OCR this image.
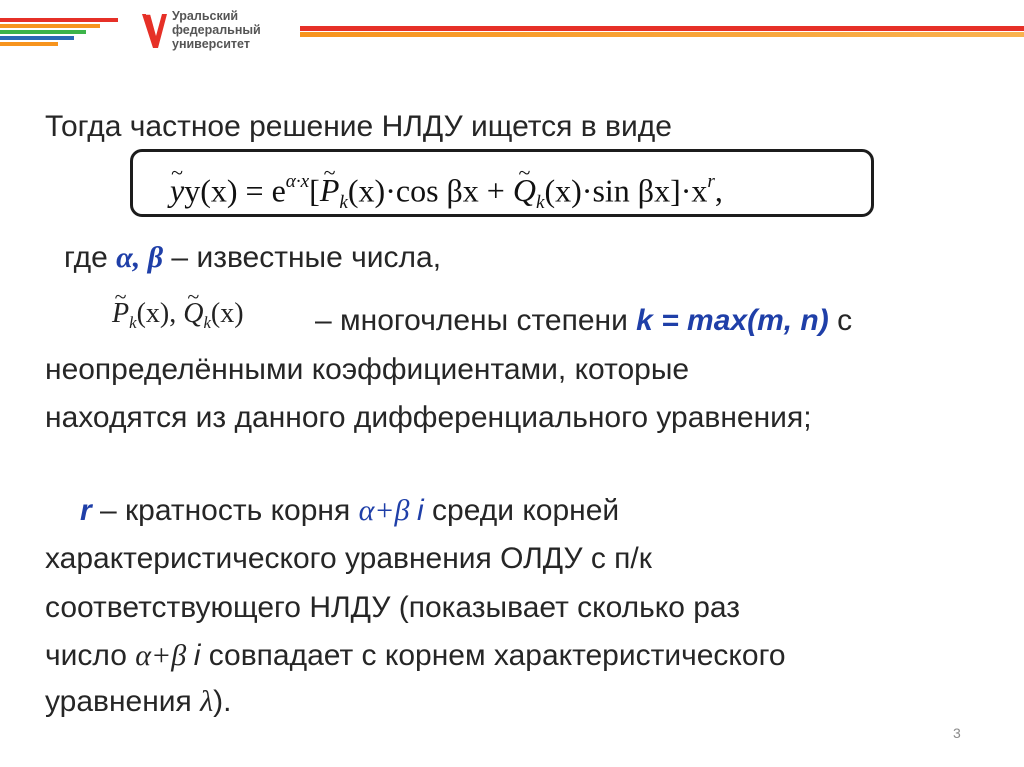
Уральский
федеральный
университет
Тогда частное решение НЛДУ ищется в виде
~ $yy(x) = e^{\alpha\cdot x}[\sim$ $P_k(x)\cdot\cos$ βx + ~ $Q_k(x)\cdot\sin$ $\beta x]\cdot x^r$,
где α, β – известные числа,
~ $P_k(x)$, ~ $Q_k(x)$ – многочлены степени k = max(m, n) с
неопределёнными коэффициентами, которые
находятся из данного дифференциального уравнения;
r – кратность корня α+β i среди корней
характеристического уравнения ОЛДУ с п/к
соответствующего НЛДУ (показывает сколько раз
число α+β i совпадает с корнем характеристического
уравнения λ).
3
